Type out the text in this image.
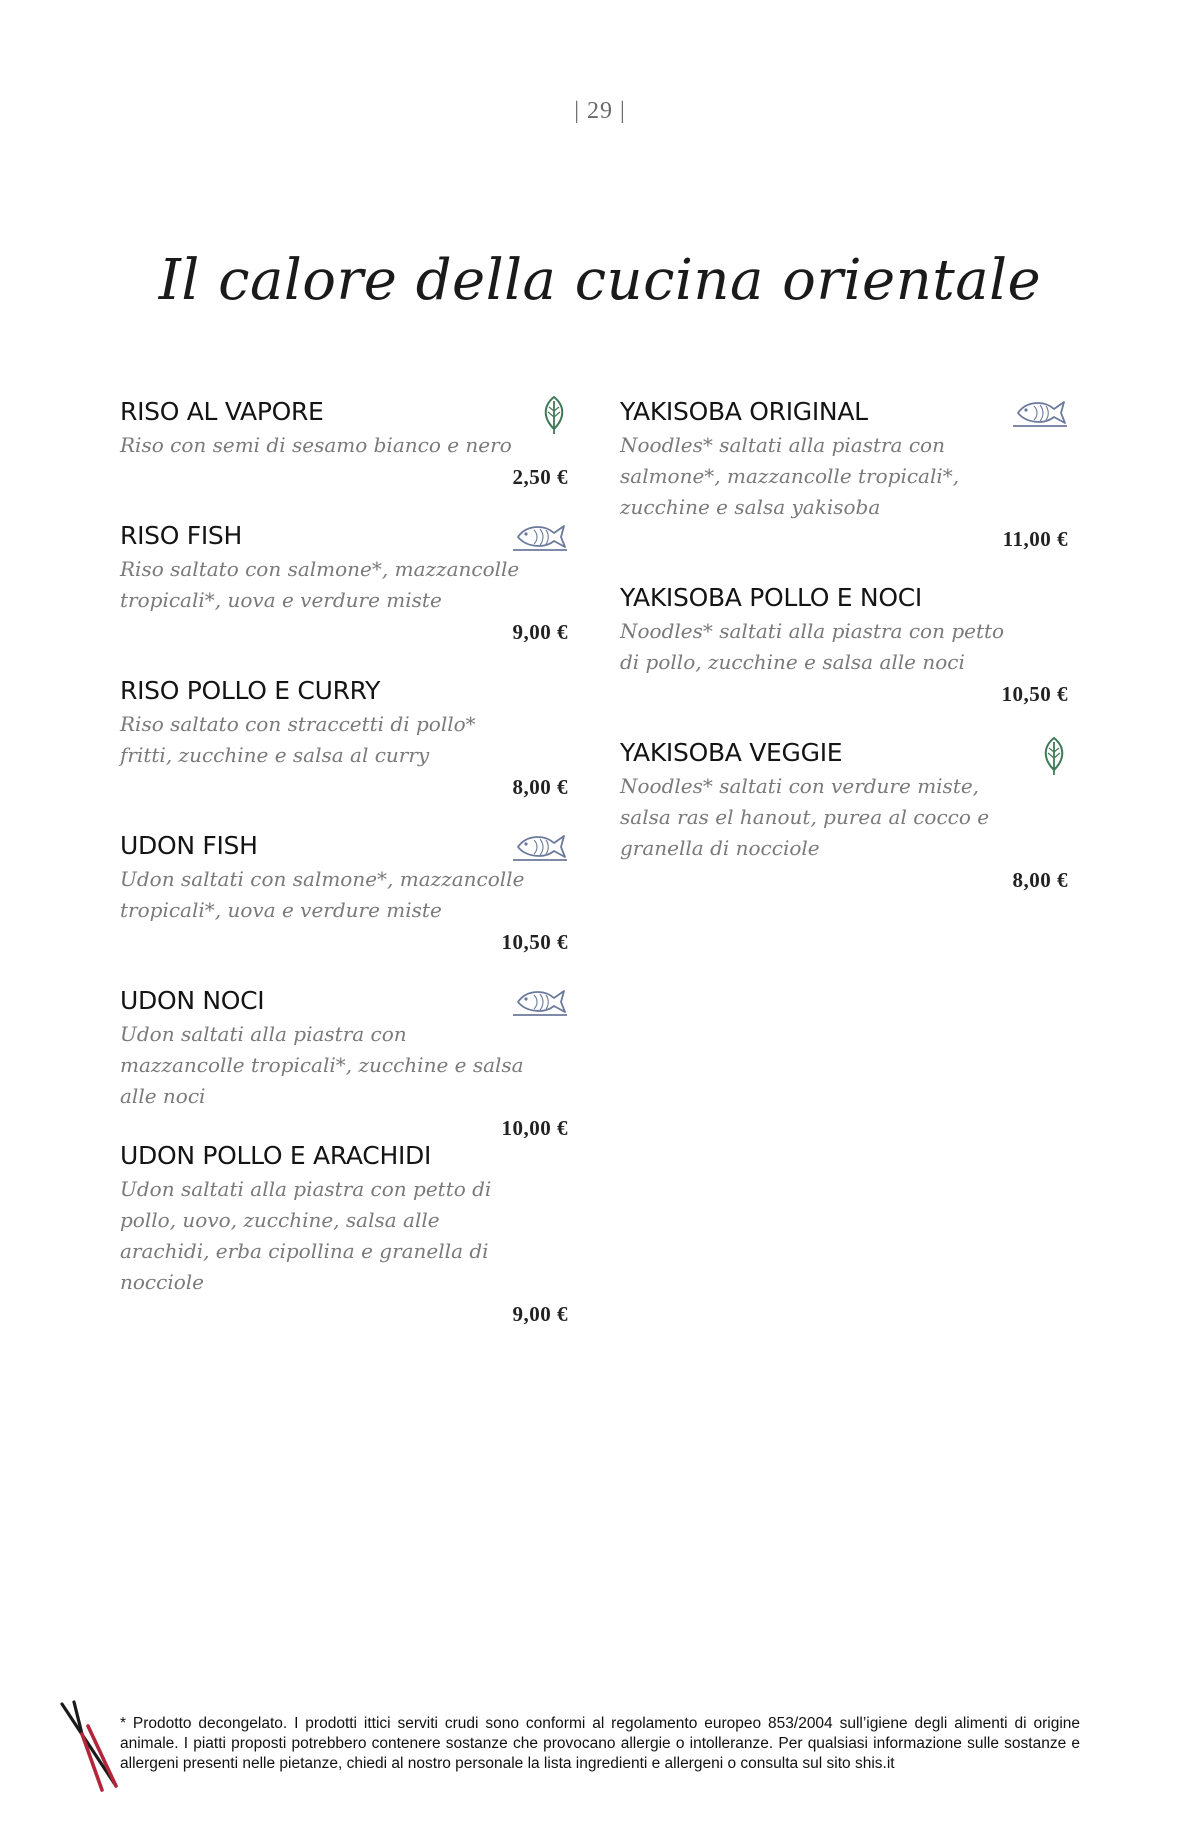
| 29 |
Il calore della cucina orientale
RISO AL VAPORE
Riso con semi di sesamo bianco e nero
2,50 €
RISO FISH
Riso saltato con salmone*, mazzancolle tropicali*, uova e verdure miste
9,00 €
RISO POLLO E CURRY
Riso saltato con straccetti di pollo* fritti, zucchine e salsa al curry
8,00 €
UDON FISH
Udon saltati con salmone*, mazzancolle tropicali*, uova e verdure miste
10,50 €
UDON NOCI
Udon saltati alla piastra con mazzancolle tropicali*, zucchine e salsa alle noci
10,00 €
UDON POLLO E ARACHIDI
Udon saltati alla piastra con petto di pollo, uovo, zucchine, salsa alle arachidi, erba cipollina e granella di nocciole
9,00 €
YAKISOBA ORIGINAL
Noodles* saltati alla piastra con salmone*, mazzancolle tropicali*, zucchine e salsa yakisoba
11,00 €
YAKISOBA POLLO E NOCI
Noodles* saltati alla piastra con petto di pollo, zucchine e salsa alle noci
10,50 €
YAKISOBA VEGGIE
Noodles* saltati con verdure miste, salsa ras el hanout, purea al cocco e granella di nocciole
8,00 €
* Prodotto decongelato. I prodotti ittici serviti crudi sono conformi al regolamento europeo 853/2004 sull’igiene degli alimenti di origine animale. I piatti proposti potrebbero contenere sostanze che provocano allergie o intolleranze. Per qualsiasi informazione sulle sostanze e allergeni presenti nelle pietanze, chiedi al nostro personale la lista ingredienti e allergeni o consulta sul sito shis.it
